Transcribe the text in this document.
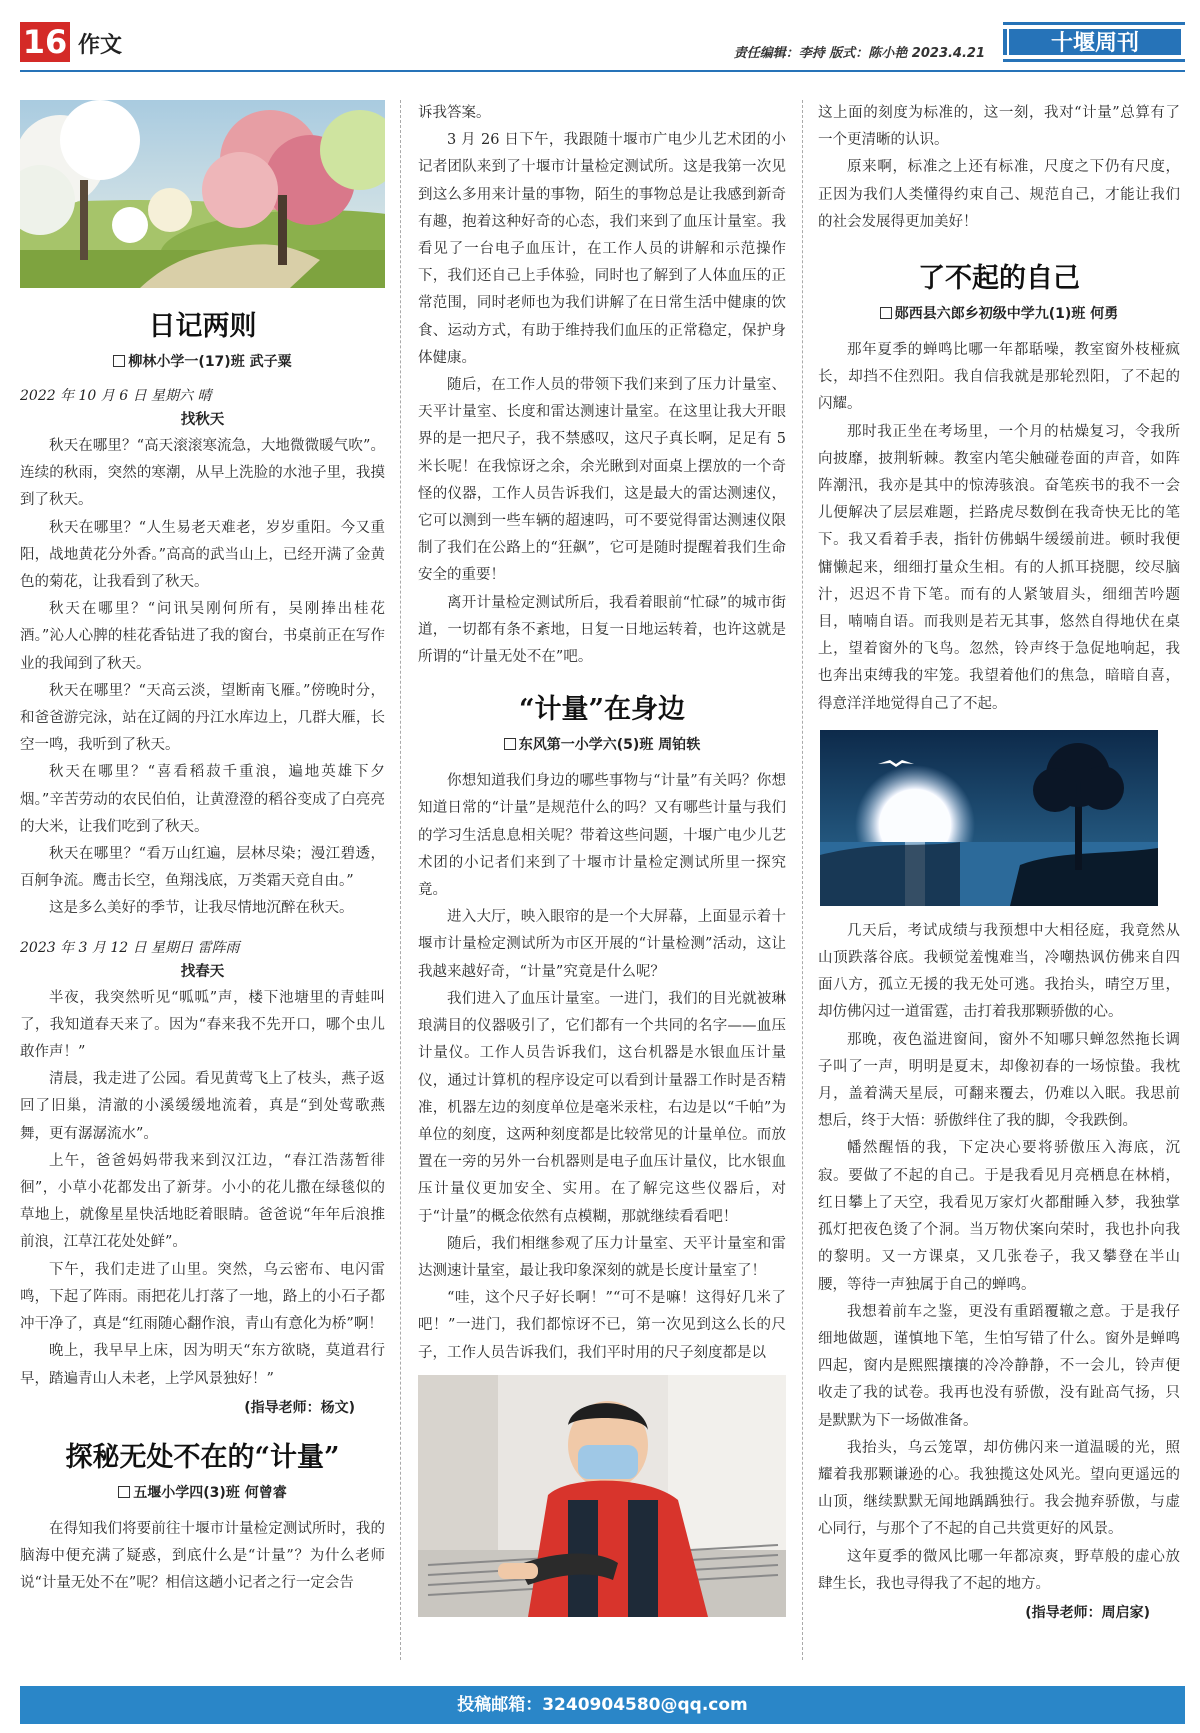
16 作文	责任编辑：李持 版式：陈小艳 2023.4.21	十堰周刊
日记两则
柳林小学一(17)班 武子粟
2022 年 10 月 6 日 星期六 晴
找秋天

秋天在哪里？“高天滚滚寒流急，大地微微暖气吹”。连续的秋雨，突然的寒潮，从早上洗脸的水池子里，我摸到了秋天。

秋天在哪里？“人生易老天难老，岁岁重阳。今又重阳，战地黄花分外香。”高高的武当山上，已经开满了金黄色的菊花，让我看到了秋天。

秋天在哪里？“问讯吴刚何所有，吴刚捧出桂花酒。”沁人心脾的桂花香钻进了我的窗台，书桌前正在写作业的我闻到了秋天。

秋天在哪里？“天高云淡，望断南飞雁。”傍晚时分，和爸爸游完泳，站在辽阔的丹江水库边上，几群大雁，长空一鸣，我听到了秋天。

秋天在哪里？“喜看稻菽千重浪，遍地英雄下夕烟。”辛苦劳动的农民伯伯，让黄澄澄的稻谷变成了白亮亮的大米，让我们吃到了秋天。

秋天在哪里？“看万山红遍，层林尽染；漫江碧透，百舸争流。鹰击长空，鱼翔浅底，万类霜天竞自由。”

这是多么美好的季节，让我尽情地沉醉在秋天。

2023 年 3 月 12 日 星期日 雷阵雨
找春天

半夜，我突然听见“呱呱”声，楼下池塘里的青蛙叫了，我知道春天来了。因为“春来我不先开口，哪个虫儿敢作声！”

清晨，我走进了公园。看见黄莺飞上了枝头，燕子返回了旧巢，清澈的小溪缓缓地流着，真是“到处莺歌燕舞，更有潺潺流水”。

上午，爸爸妈妈带我来到汉江边，“春江浩荡暂徘徊”，小草小花都发出了新芽。小小的花儿撒在绿毯似的草地上，就像星星快活地眨着眼睛。爸爸说“年年后浪推前浪，江草江花处处鲜”。

下午，我们走进了山里。突然，乌云密布、电闪雷鸣，下起了阵雨。雨把花儿打落了一地，路上的小石子都冲干净了，真是“红雨随心翻作浪，青山有意化为桥”啊！

晚上，我早早上床，因为明天“东方欲晓，莫道君行早，踏遍青山人未老，上学风景独好！”

(指导老师：杨文)
探秘无处不在的“计量”
五堰小学四(3)班 何曾睿

在得知我们将要前往十堰市计量检定测试所时，我的脑海中便充满了疑惑，到底什么是“计量”？为什么老师说“计量无处不在”呢？相信这趟小记者之行一定会告

诉我答案。

3 月 26 日下午，我跟随十堰市广电少儿艺术团的小记者团队来到了十堰市计量检定测试所。这是我第一次见到这么多用来计量的事物，陌生的事物总是让我感到新奇有趣，抱着这种好奇的心态，我们来到了血压计量室。我看见了一台电子血压计，在工作人员的讲解和示范操作下，我们还自己上手体验，同时也了解到了人体血压的正常范围，同时老师也为我们讲解了在日常生活中健康的饮食、运动方式，有助于维持我们血压的正常稳定，保护身体健康。

随后，在工作人员的带领下我们来到了压力计量室、天平计量室、长度和雷达测速计量室。在这里让我大开眼界的是一把尺子，我不禁感叹，这尺子真长啊，足足有 5 米长呢！在我惊讶之余，余光瞅到对面桌上摆放的一个奇怪的仪器，工作人员告诉我们，这是最大的雷达测速仪，它可以测到一些车辆的超速吗，可不要觉得雷达测速仪限制了我们在公路上的“狂飙”，它可是随时提醒着我们生命安全的重要！

离开计量检定测试所后，我看着眼前“忙碌”的城市街道，一切都有条不紊地，日复一日地运转着，也许这就是所谓的“计量无处不在”吧。

“计量”在身边
东风第一小学六(5)班 周铂轶

你想知道我们身边的哪些事物与“计量”有关吗？你想知道日常的“计量”是规范什么的吗？又有哪些计量与我们的学习生活息息相关呢？带着这些问题，十堰广电少儿艺术团的小记者们来到了十堰市计量检定测试所里一探究竟。

进入大厅，映入眼帘的是一个大屏幕，上面显示着十堰市计量检定测试所为市区开展的“计量检测”活动，这让我越来越好奇，“计量”究竟是什么呢？

我们进入了血压计量室。一进门，我们的目光就被琳琅满目的仪器吸引了，它们都有一个共同的名字——血压计量仪。工作人员告诉我们，这台机器是水银血压计量仪，通过计算机的程序设定可以看到计量器工作时是否精准，机器左边的刻度单位是毫米汞柱，右边是以“千帕”为单位的刻度，这两种刻度都是比较常见的计量单位。而放置在一旁的另外一台机器则是电子血压计量仪，比水银血压计量仪更加安全、实用。在了解完这些仪器后，对于“计量”的概念依然有点模糊，那就继续看看吧！

随后，我们相继参观了压力计量室、天平计量室和雷达测速计量室，最让我印象深刻的就是长度计量室了！

“哇，这个尺子好长啊！”“可不是嘛！这得好几米了吧！”一进门，我们都惊讶不已，第一次见到这么长的尺子，工作人员告诉我们，我们平时用的尺子刻度都是以

这上面的刻度为标准的，这一刻，我对“计量”总算有了一个更清晰的认识。

原来啊，标准之上还有标准，尺度之下仍有尺度，正因为我们人类懂得约束自己、规范自己，才能让我们的社会发展得更加美好！

了不起的自己
郧西县六郎乡初级中学九(1)班 何勇

那年夏季的蝉鸣比哪一年都聒噪，教室窗外枝桠疯长，却挡不住烈阳。我自信我就是那轮烈阳，了不起的闪耀。

那时我正坐在考场里，一个月的枯燥复习，令我所向披靡，披荆斩棘。教室内笔尖触碰卷面的声音，如阵阵潮汛，我亦是其中的惊涛骇浪。奋笔疾书的我不一会儿便解决了层层难题，拦路虎尽数倒在我奇快无比的笔下。我又看着手表，指针仿佛蜗牛缓缓前进。顿时我便慵懒起来，细细打量众生相。有的人抓耳挠腮，绞尽脑汁，迟迟不肯下笔。而有的人紧皱眉头，细细苦吟题目，喃喃自语。而我则是若无其事，悠然自得地伏在桌上，望着窗外的飞鸟。忽然，铃声终于急促地响起，我也奔出束缚我的牢笼。我望着他们的焦急，暗暗自喜，得意洋洋地觉得自己了不起。

几天后，考试成绩与我预想中大相径庭，我竟然从山顶跌落谷底。我顿觉羞愧难当，冷嘲热讽仿佛来自四面八方，孤立无援的我无处可逃。我抬头，晴空万里，却仿佛闪过一道雷霆，击打着我那颗骄傲的心。

那晚，夜色溢进窗间，窗外不知哪只蝉忽然拖长调子叫了一声，明明是夏末，却像初春的一场惊蛰。我枕月，盖着满天星辰，可翻来覆去，仍难以入眠。我思前想后，终于大悟：骄傲绊住了我的脚，令我跌倒。

幡然醒悟的我，下定决心要将骄傲压入海底，沉寂。要做了不起的自己。于是我看见月亮栖息在林梢，红日攀上了天空，我看见万家灯火都酣睡入梦，我独掌孤灯把夜色烫了个洞。当万物伏案向荣时，我也扑向我的黎明。又一方课桌，又几张卷子，我又攀登在半山腰，等待一声独属于自己的蝉鸣。

我想着前车之鉴，更没有重蹈覆辙之意。于是我仔细地做题，谨慎地下笔，生怕写错了什么。窗外是蝉鸣四起，窗内是熙熙攘攘的冷冷静静，不一会儿，铃声便收走了我的试卷。我再也没有骄傲，没有趾高气扬，只是默默为下一场做准备。

我抬头，乌云笼罩，却仿佛闪来一道温暖的光，照耀着我那颗谦逊的心。我独揽这处风光。望向更遥远的山顶，继续默默无闻地踽踽独行。我会抛弃骄傲，与虚心同行，与那个了不起的自己共赏更好的风景。

这年夏季的微风比哪一年都凉爽，野草般的虚心放肆生长，我也寻得我了不起的地方。

(指导老师：周启家)
投稿邮箱：3240904580@qq.com
